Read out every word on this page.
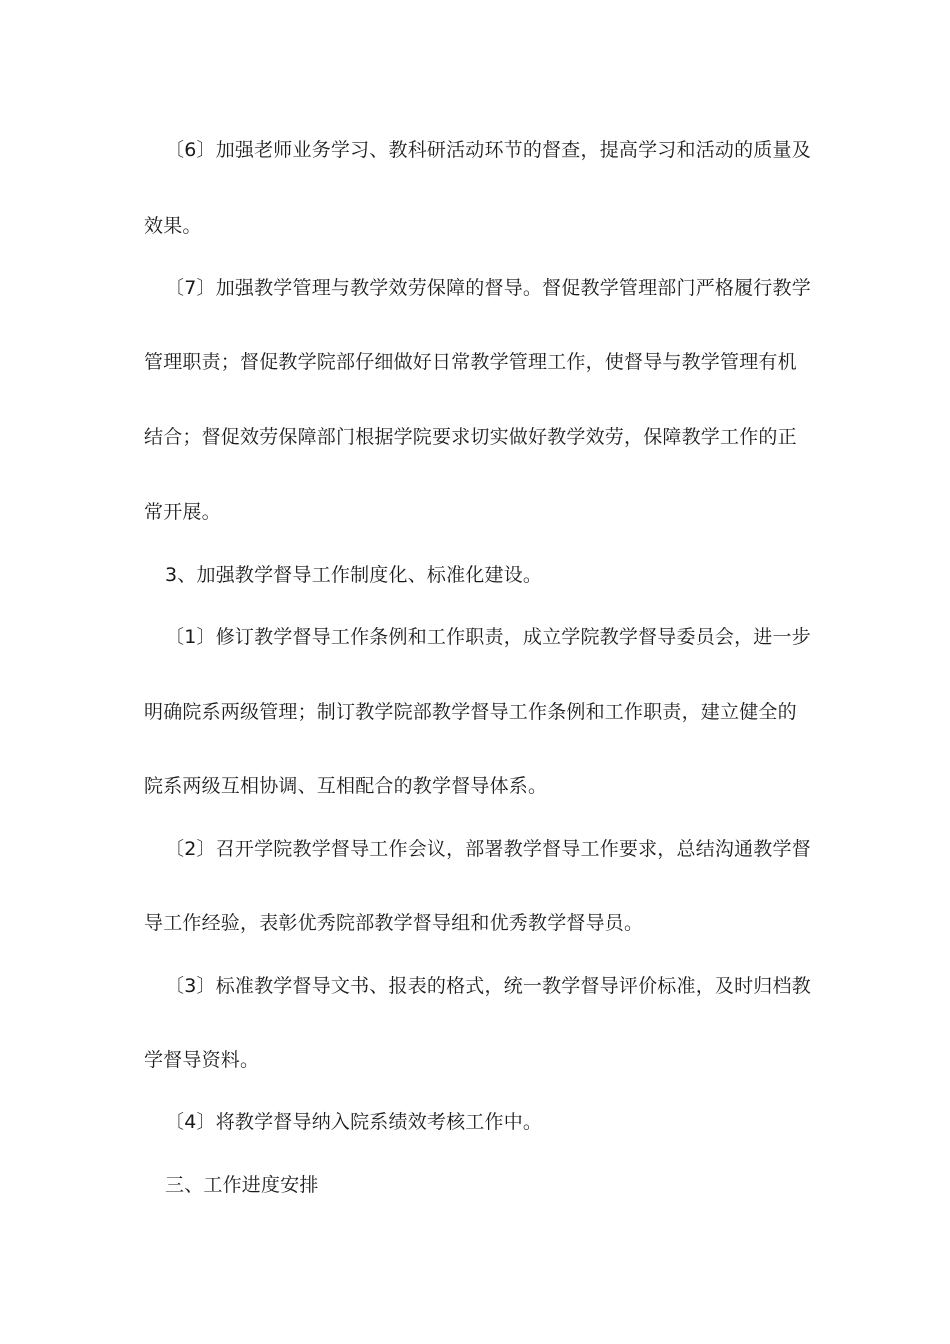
〔6〕加强老师业务学习、教科研活动环节的督查，提高学习和活动的质量及
效果。
〔7〕加强教学管理与教学效劳保障的督导。督促教学管理部门严格履行教学
管理职责；督促教学院部仔细做好日常教学管理工作，使督导与教学管理有机
结合；督促效劳保障部门根据学院要求切实做好教学效劳，保障教学工作的正
常开展。
3、加强教学督导工作制度化、标准化建设。
〔1〕修订教学督导工作条例和工作职责，成立学院教学督导委员会，进一步
明确院系两级管理；制订教学院部教学督导工作条例和工作职责，建立健全的
院系两级互相协调、互相配合的教学督导体系。
〔2〕召开学院教学督导工作会议，部署教学督导工作要求，总结沟通教学督
导工作经验，表彰优秀院部教学督导组和优秀教学督导员。
〔3〕标准教学督导文书、报表的格式，统一教学督导评价标准，及时归档教
学督导资料。
〔4〕将教学督导纳入院系绩效考核工作中。
三、工作进度安排
